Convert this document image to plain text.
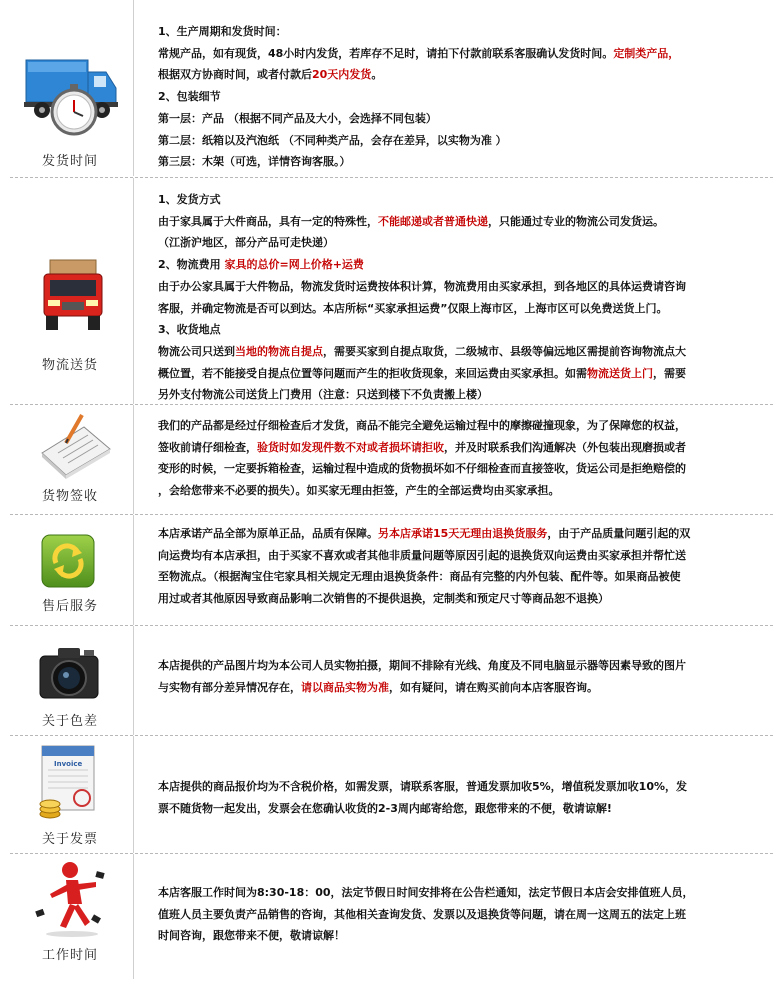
发货时间

1、生产周期和发货时间：

常规产品，如有现货，48小时内发货，若库存不足时，请拍下付款前联系客服确认发货时间。定制类产品，

根据双方协商时间，或者付款后20天内发货。

2、包装细节

第一层：产品 （根据不同产品及大小，会选择不同包装）

第二层：纸箱以及汽泡纸 （不同种类产品，会存在差异，以实物为准 ）

第三层：木架（可选，详情咨询客服。）

物流送货

1、发货方式

由于家具属于大件商品，具有一定的特殊性，不能邮递或者普通快递，只能通过专业的物流公司发货运。

（江浙沪地区，部分产品可走快递）

2、物流费用 家具的总价=网上价格+运费

由于办公家具属于大件物品，物流发货时运费按体积计算，物流费用由买家承担，到各地区的具体运费请咨询

客服，并确定物流是否可以到达。本店所标“买家承担运费”仅限上海市区，上海市区可以免费送货上门。

3、收货地点

物流公司只送到当地的物流自提点，需要买家到自提点取货，二级城市、县级等偏远地区需提前咨询物流点大

概位置，若不能接受自提点位置等问题而产生的拒收货现象，来回运费由买家承担。如需物流送货上门，需要

另外支付物流公司送货上门费用（注意：只送到楼下不负责搬上楼）

货物签收

我们的产品都是经过仔细检查后才发货，商品不能完全避免运输过程中的摩擦碰撞现象，为了保障您的权益，

签收前请仔细检查，验货时如发现件数不对或者损坏请拒收，并及时联系我们沟通解决（外包装出现磨损或者

变形的时候，一定要拆箱检查，运输过程中造成的货物损坏如不仔细检查而直接签收，货运公司是拒绝赔偿的

，会给您带来不必要的损失）。如买家无理由拒签，产生的全部运费均由买家承担。

售后服务

本店承诺产品全部为原单正品，品质有保障。另本店承诺15天无理由退换货服务，由于产品质量问题引起的双

向运费均有本店承担，由于买家不喜欢或者其他非质量问题等原因引起的退换货双向运费由买家承担并帮忙送

至物流点。（根据淘宝住宅家具相关规定无理由退换货条件：商品有完整的内外包装、配件等。如果商品被使

用过或者其他原因导致商品影响二次销售的不提供退换，定制类和预定尺寸等商品恕不退换）

关于色差

本店提供的产品图片均为本公司人员实物拍摄，期间不排除有光线、角度及不同电脑显示器等因素导致的图片

与实物有部分差异情况存在，请以商品实物为准，如有疑问，请在购买前向本店客服咨询。

Invoice
关于发票

本店提供的商品报价均为不含税价格，如需发票，请联系客服，普通发票加收5%，增值税发票加收10%，发

票不随货物一起发出，发票会在您确认收货的2-3周内邮寄给您，跟您带来的不便，敬请谅解!

工作时间

本店客服工作时间为8:30-18：00，法定节假日时间安排将在公告栏通知，法定节假日本店会安排值班人员，

值班人员主要负责产品销售的咨询，其他相关查询发货、发票以及退换货等问题，请在周一这周五的法定上班

时间咨询，跟您带来不便，敬请谅解！
